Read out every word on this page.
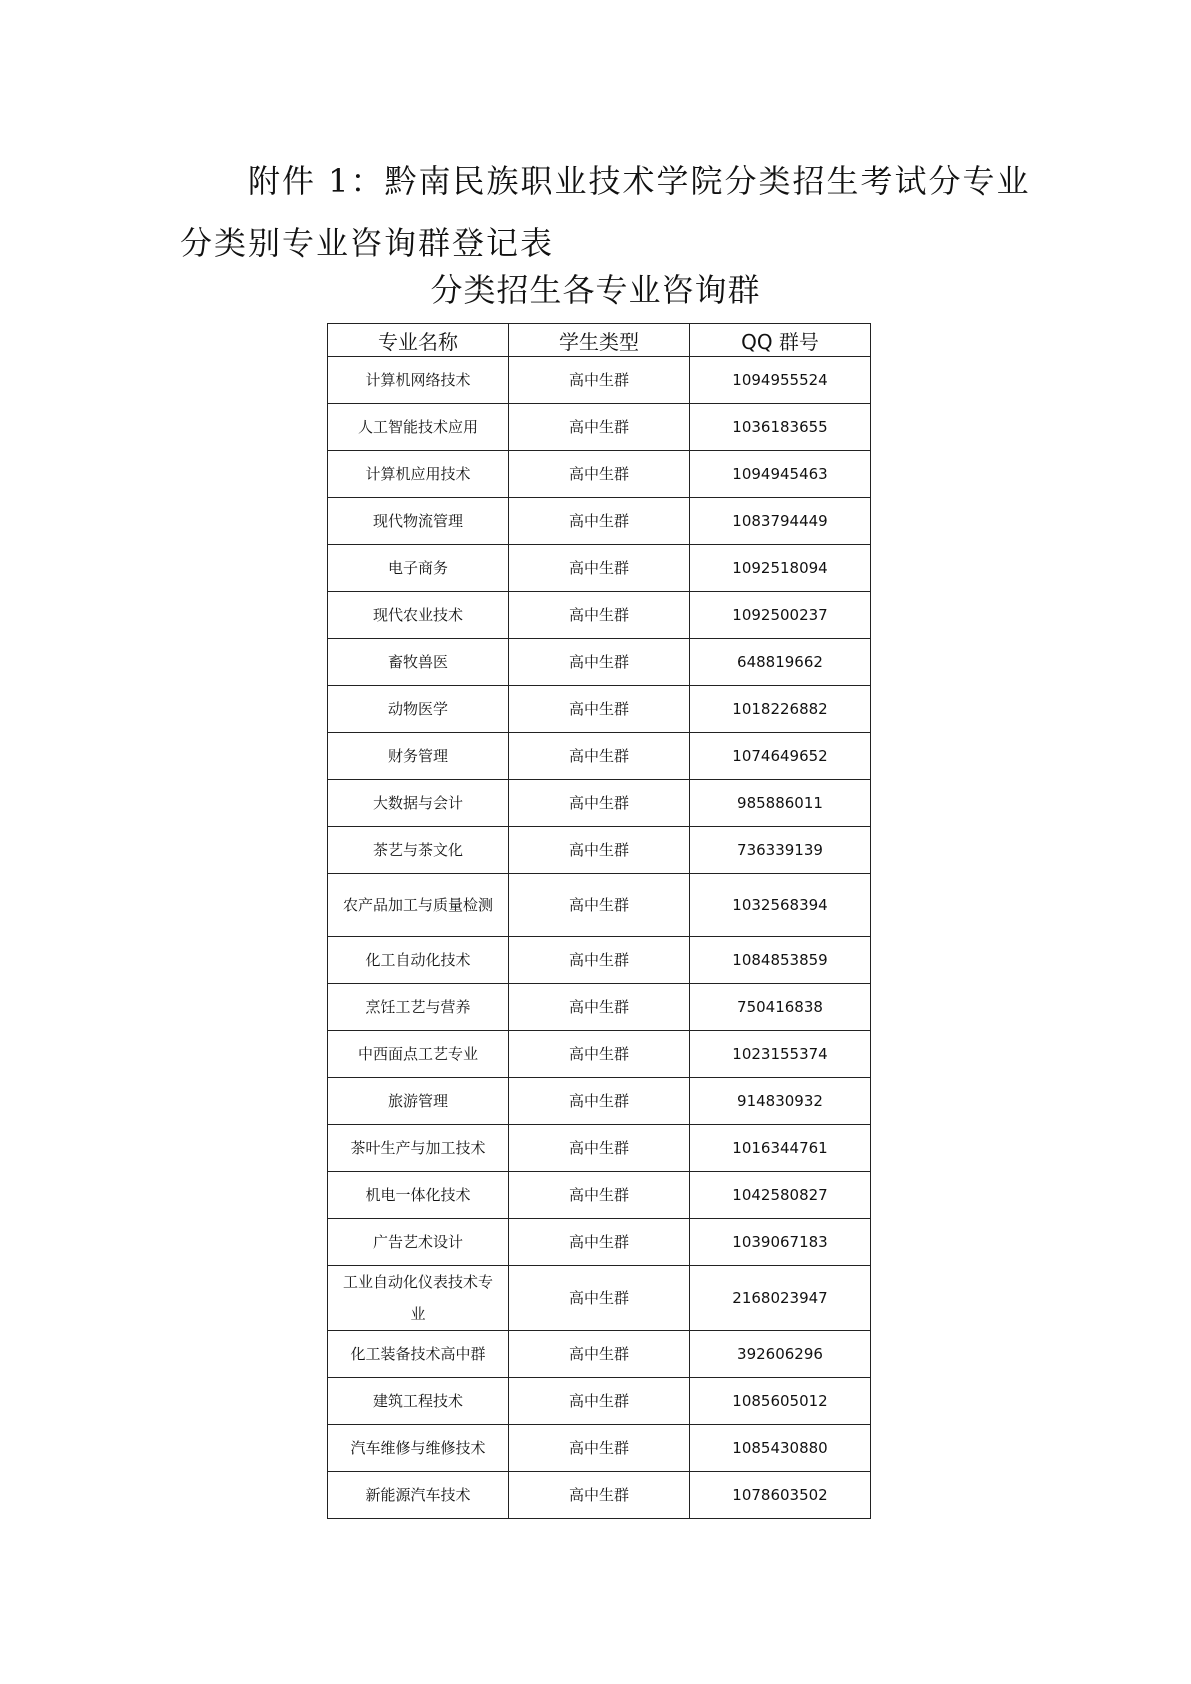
附件 1：黔南民族职业技术学院分类招生考试分专业分类别专业咨询群登记表
分类招生各专业咨询群
专业名称	学生类型	QQ 群号
计算机网络技术	高中生群	1094955524
人工智能技术应用	高中生群	1036183655
计算机应用技术	高中生群	1094945463
现代物流管理	高中生群	1083794449
电子商务	高中生群	1092518094
现代农业技术	高中生群	1092500237
畜牧兽医	高中生群	648819662
动物医学	高中生群	1018226882
财务管理	高中生群	1074649652
大数据与会计	高中生群	985886011
茶艺与茶文化	高中生群	736339139
农产品加工与质量检测	高中生群	1032568394
化工自动化技术	高中生群	1084853859
烹饪工艺与营养	高中生群	750416838
中西面点工艺专业	高中生群	1023155374
旅游管理	高中生群	914830932
茶叶生产与加工技术	高中生群	1016344761
机电一体化技术	高中生群	1042580827
广告艺术设计	高中生群	1039067183
工业自动化仪表技术专业	高中生群	2168023947
化工装备技术高中群	高中生群	392606296
建筑工程技术	高中生群	1085605012
汽车维修与维修技术	高中生群	1085430880
新能源汽车技术	高中生群	1078603502
